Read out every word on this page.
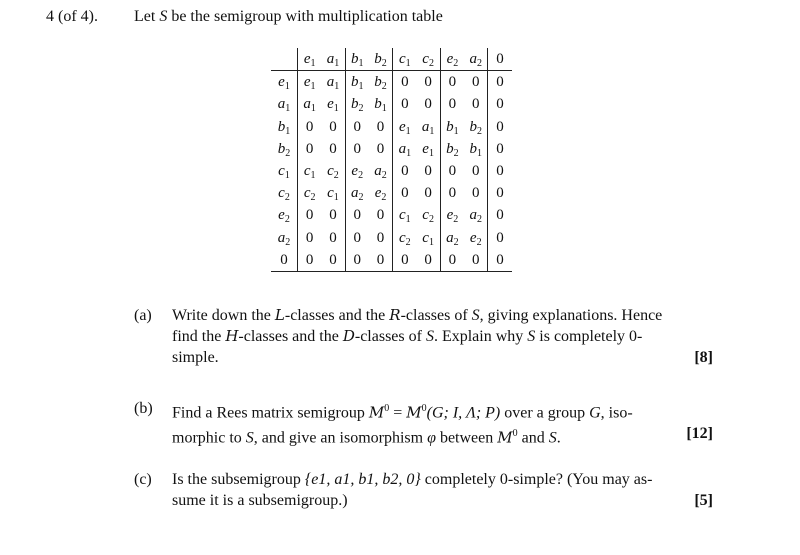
4 (of 4). Let S be the semigroup with multiplication table
	$e_1$	$a_1$	$b_1$	$b_2$	$c_1$	$c_2$	$e_2$	$a_2$	0
$e_1$	$e_1$	$a_1$	$b_1$	$b_2$	0	0	0	0	0
$a_1$	$a_1$	$e_1$	$b_2$	$b_1$	0	0	0	0	0
$b_1$	0	0	0	0	$e_1$	$a_1$	$b_1$	$b_2$	0
$b_2$	0	0	0	0	$a_1$	$e_1$	$b_2$	$b_1$	0
$c_1$	$c_1$	$c_2$	$e_2$	$a_2$	0	0	0	0	0
$c_2$	$c_2$	$c_1$	$a_2$	$e_2$	0	0	0	0	0
$e_2$	0	0	0	0	$c_1$	$c_2$	$e_2$	$a_2$	0
$a_2$	0	0	0	0	$c_2$	$c_1$	$a_2$	$e_2$	0
0	0	0	0	0	0	0	0	0	0
(a) Write down the L-classes and the R-classes of S, giving explanations. Hence
find the H-classes and the D-classes of S. Explain why S is completely 0-
simple.	[8]
(b) Find a Rees matrix semigroup $M^0 = M^0(G$; I, Λ; P) over a group G, iso-
morphic to S, and give an isomorphism φ between $M^0$ and S.	[12]
(c) Is the subsemigroup {e1, a1, b1, b2, 0} completely 0-simple? (You may as-
sume it is a subsemigroup.)	[5]
